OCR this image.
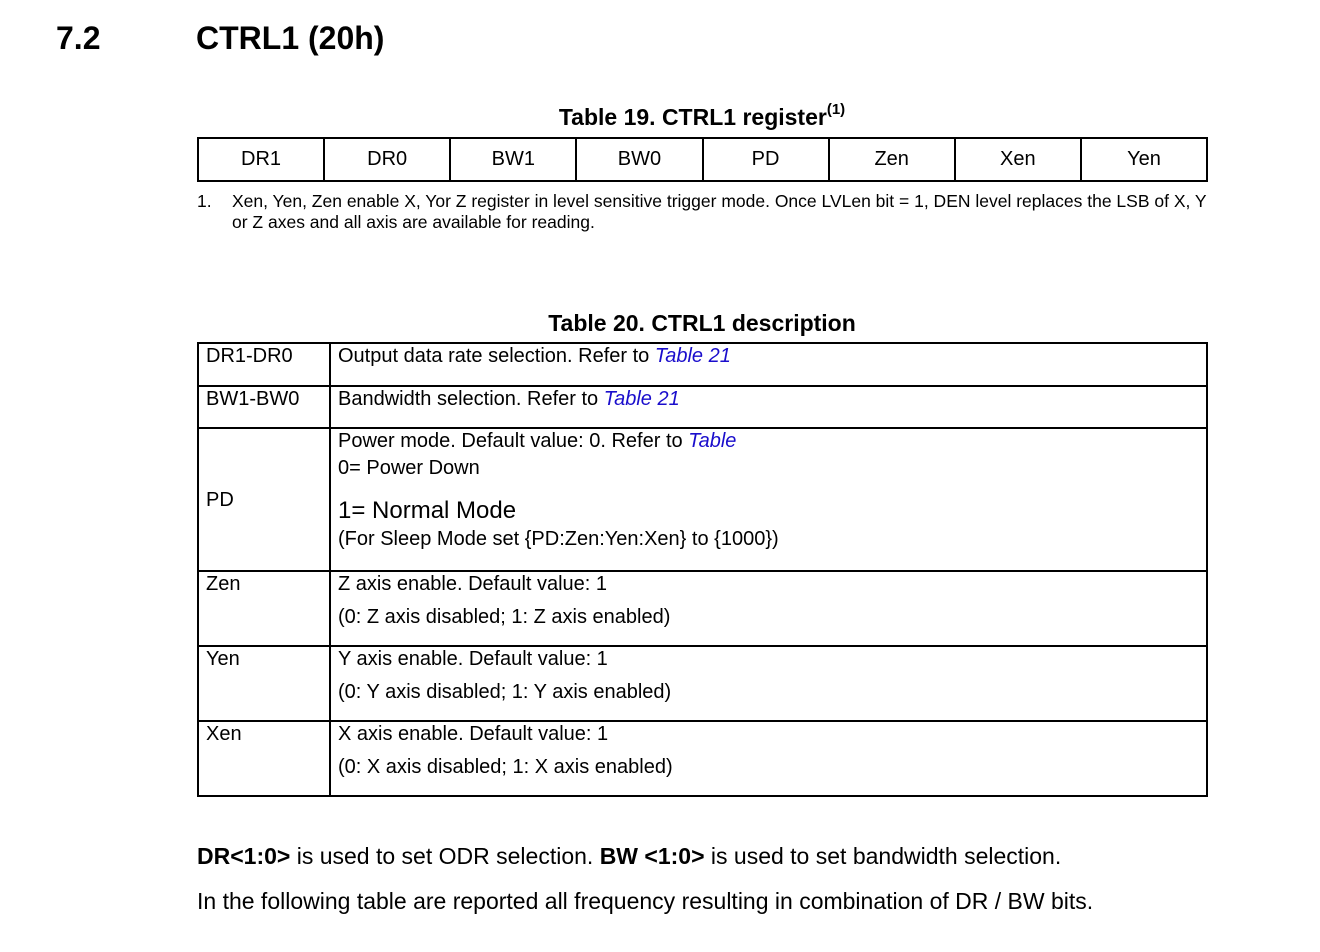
7.2	CTRL1 (20h)
Table 19. CTRL1 register$^{(1)}$
DR1	DR0	BW1	BW0	PD	Zen	Xen	Yen
1. Xen, Yen, Zen enable X, Yor Z register in level sensitive trigger mode. Once LVLen bit = 1, DEN level replaces the LSB of X, Y or Z axes and all axis are available for reading.
Table 20. CTRL1 description
DR1-DR0	Output data rate selection. Refer to Table 21
BW1-BW0	Bandwidth selection. Refer to Table 21
PD	Power mode. Default value: 0. Refer to Table
0= Power Down
1= Normal Mode
(For Sleep Mode set {PD:Zen:Yen:Xen} to {1000})

Zen	Z axis enable. Default value: 1
(0: Z axis disabled; 1: Z axis enabled)

Yen	Y axis enable. Default value: 1
(0: Y axis disabled; 1: Y axis enabled)

Xen	X axis enable. Default value: 1
(0: X axis disabled; 1: X axis enabled)
DR<1:0> is used to set ODR selection. BW <1:0> is used to set bandwidth selection.
In the following table are reported all frequency resulting in combination of DR / BW bits.
